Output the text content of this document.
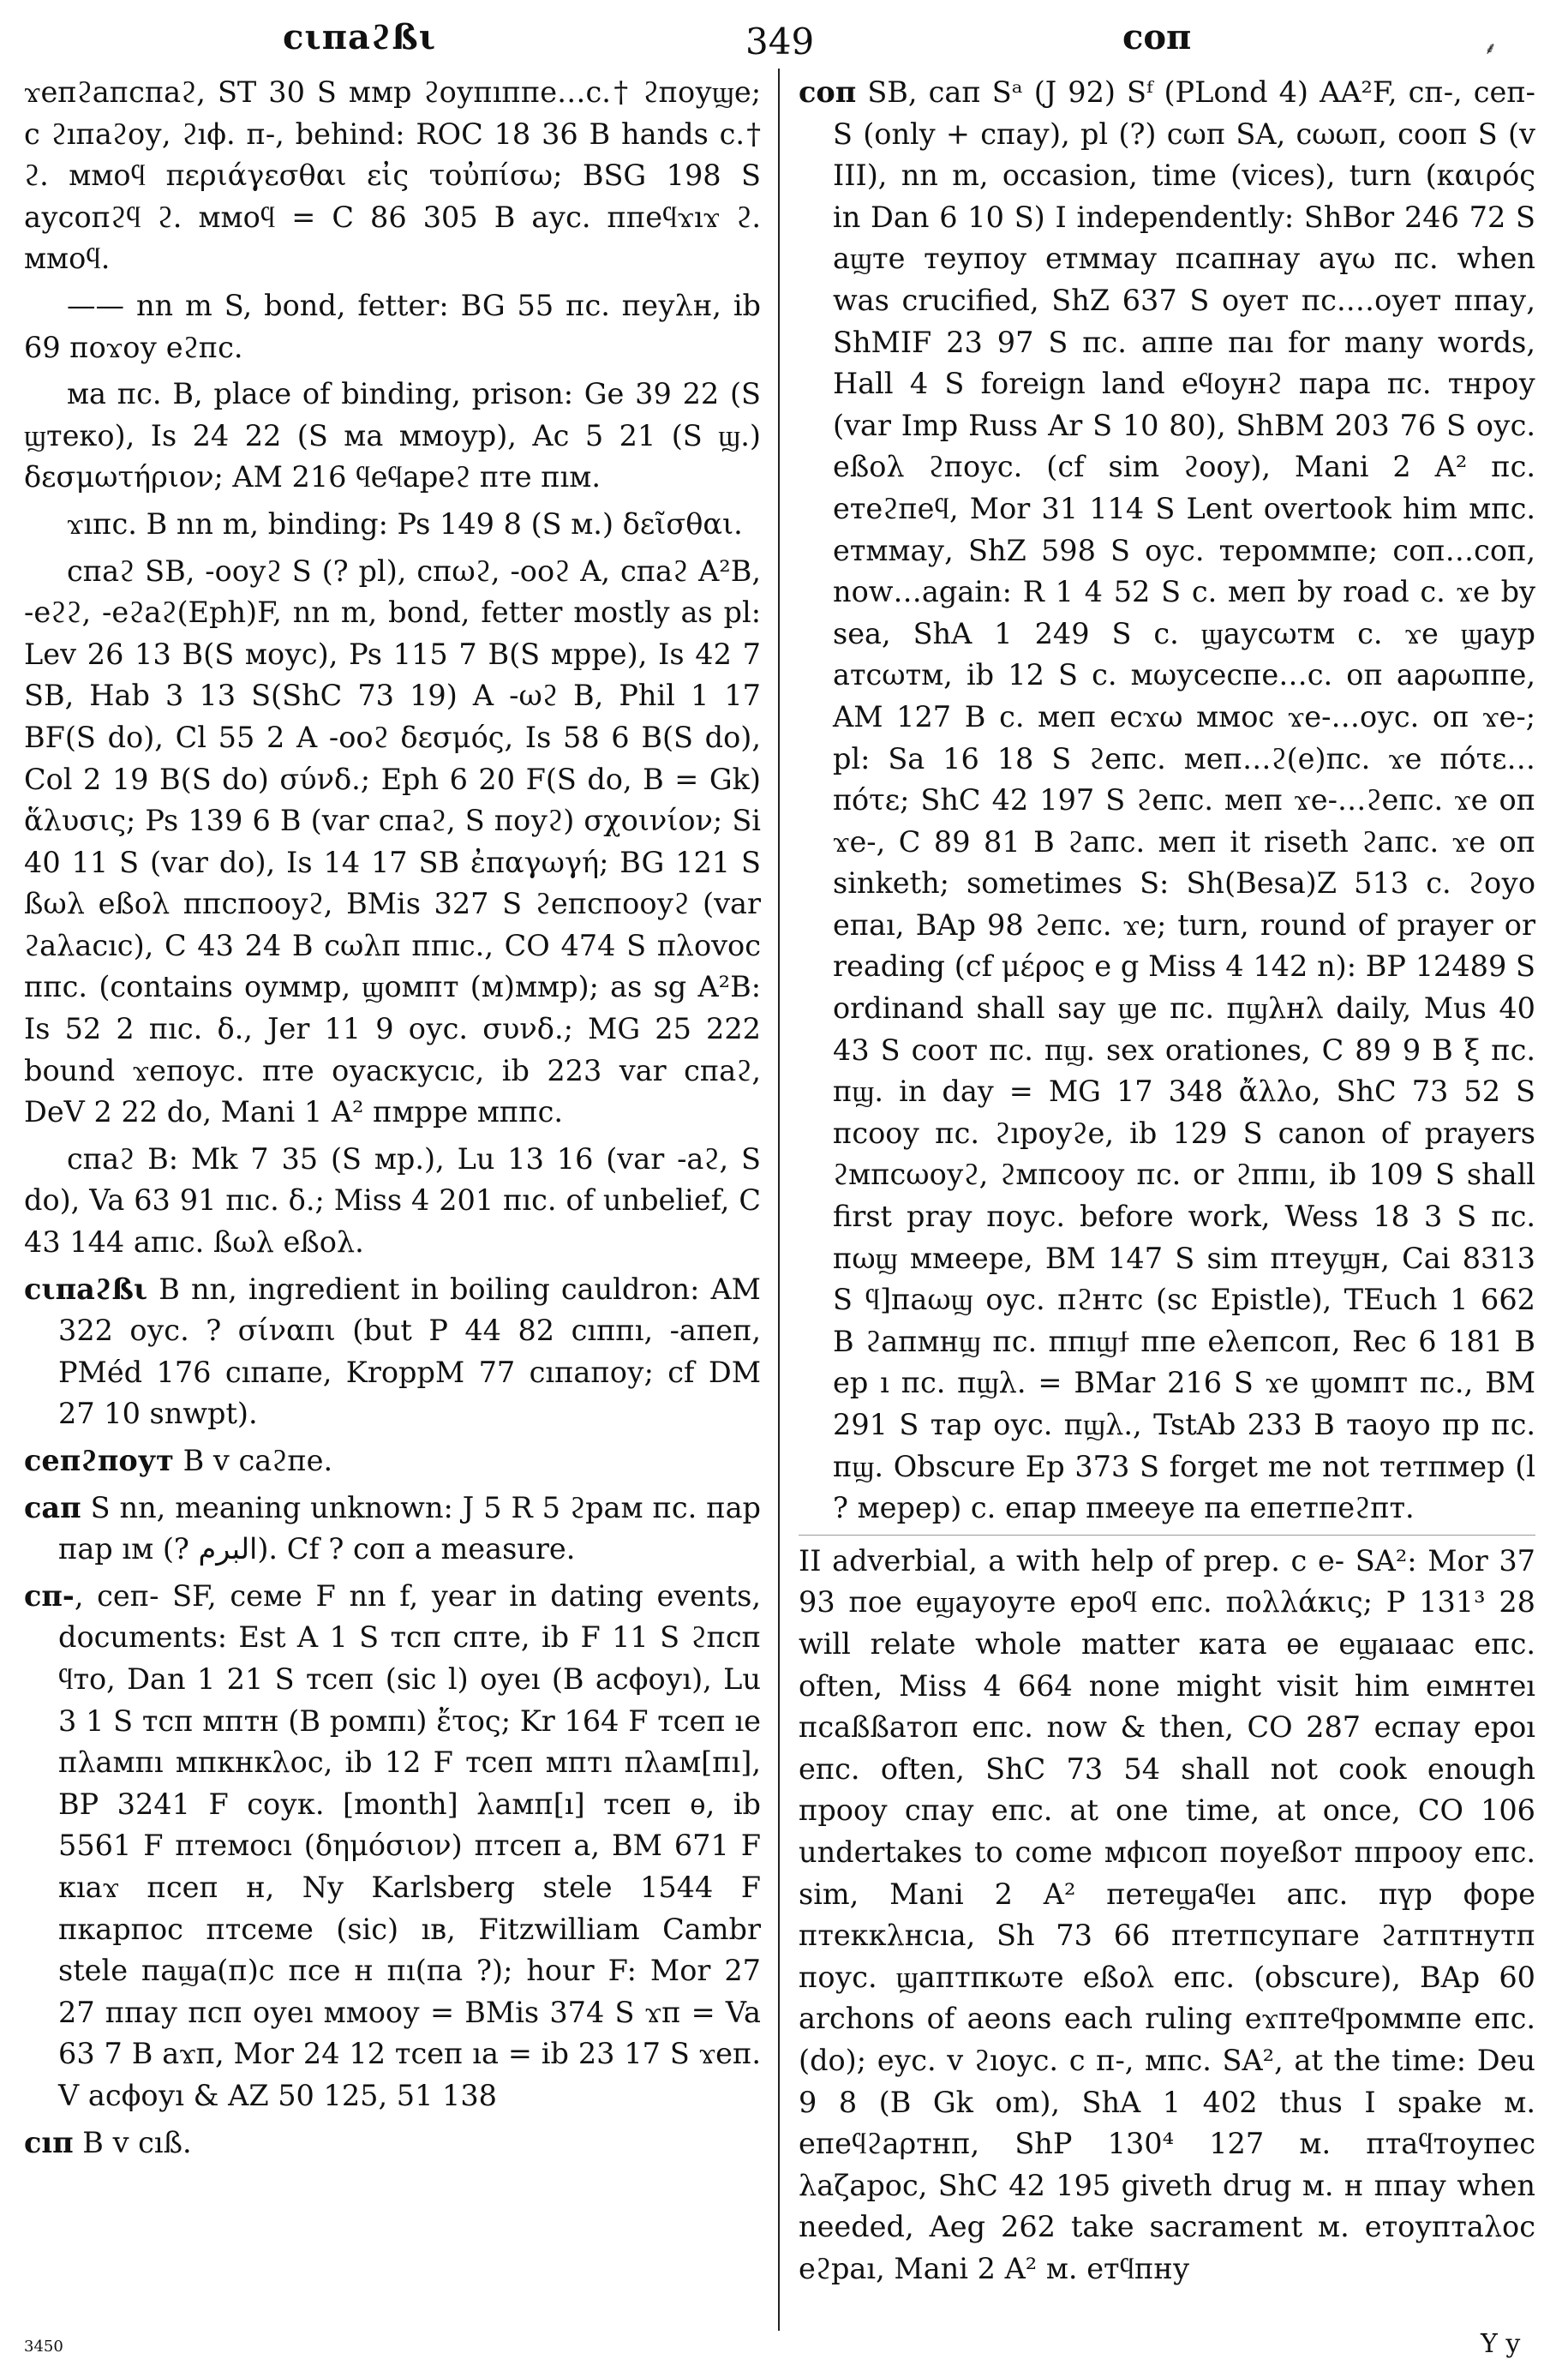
сιπаϩßι	349	соп	⸙

ϫепϩапспаϩ, ST 30 S ммр ϩоупıппе…с.† ϩпоуϣе; с ϩıпаϩоу, ϩıϕ. п-, behind: ROC 18 36 B hands с.† ϩ. ммоϥ περιάγεσθαι εἰς τοὐπίσω; BSG 198 S аусопϩϥ ϩ. ммоϥ = C 86 305 B аус. ппеϥϫıϫ ϩ. ммоϥ.

—— nn m S, bond, fetter: BG 55 пс. пеуλн, ib 69 поϫоу еϩпс.

ма пс. B, place of binding, prison: Ge 39 22 (S ϣтеко), Is 24 22 (S ма ммоуp), Ac 5 21 (S ϣ.) δεσμωτήριον; AM 216 ϥеϥареϩ пте пıм.

ϫıпс. B nn m, binding: Ps 149 8 (S м.) δεῖσθαι.

спаϩ SB, -ооуϩ S (? pl), спωϩ, -ооϩ A, спаϩ A²B, -еϩϩ, -еϩаϩ(Eph)F, nn m, bond, fetter mostly as pl: Lev 26 13 B(S моус), Ps 115 7 B(S мрре), Is 42 7 SB, Hab 3 13 S(ShC 73 19) A -ωϩ B, Phil 1 17 BF(S do), Cl 55 2 A -ооϩ δεσμός, Is 58 6 B(S do), Col 2 19 B(S do) σύνδ.; Eph 6 20 F(S do, B = Gk) ἅλυσις; Ps 139 6 B (var спаϩ, S поуϩ) σχοινίον; Si 40 11 S (var do), Is 14 17 SB ἐπαγωγή; BG 121 S ßωλ еßоλ ппспооуϩ, BMis 327 S ϩепспооуϩ (var ϩаλасıс), C 43 24 B сωλп ппıс., CO 474 S πλоvоc ппс. (contains оуммр, ϣомпт (м)ммр); as sg A²B: Is 52 2 пıс. δ., Jer 11 9 оус. συνδ.; MG 25 222 bound ϫепоус. пте оуаскусıс, ib 223 var спаϩ, DeV 2 22 do, Mani 1 A² пмрре мппс.

спаϩ B: Mk 7 35 (S мр.), Lu 13 16 (var -аϩ, S do), Va 63 91 пıс. δ.; Miss 4 201 пıс. of unbelief, C 43 144 апıс. ßωλ еßоλ.

сιпаϩßι B nn, ingredient in boiling cauldron: AM 322 оус. ? σίναπι (but P 44 82 сıппı, -апеп, PMéd 176 сıпапе, KroppM 77 сıпапоу; cf DM 27 10 snwpt).

сепϩпоут B v саϩпе.

сап S nn, meaning unknown: J 5 R 5 ϩрам пс. пар пар ıм (? البرم). Cf ? соп a measure.

сп-, сеп- SF, семе F nn f, year in dating events, documents: Est A 1 S тсп спте, ib F 11 S ϩпсп ϥто, Dan 1 21 S тсеп (sic l) оуеı (B асϕоуı), Lu 3 1 S тсп мптн (B ромпı) ἔτος; Kr 164 F тсеп ıе пλампı мпкнкλос, ib 12 F тсеп мптı пλам[пı], BP 3241 F соуκ. [month] λамп[ı] тсеп ѳ, ib 5561 F птемосı (δημόσιον) птсеп а, BM 671 F кıаϫ псеп н, Ny Karlsberg stele 1544 F пкарпос птсеме (sic) ıв, Fitzwilliam Cambr stele паϣа(п)с псе н пı(па ?); hour F: Mor 27 27 ппау псп оуеı ммооу = BMis 374 S ϫп = Va 63 7 B аϫп, Mor 24 12 тсеп ıа = ib 23 17 S ϫеп. V асϕоуı & AZ 50 125, 51 138

сıп B v сıß.

соп SB, сап Sᵃ (J 92) Sᶠ (PLond 4) AA²F, сп-, сеп- S (only + спау), pl (?) сωп SA, сωωп, сооп S (v III), nn m, occasion, time (vices), turn (καιρός in Dan 6 10 S) I independently: ShBor 246 72 S аϣте теупоу етммау псапнау аүω пс. when was crucified, ShZ 637 S оует пс.…оует ппау, ShMIF 23 97 S пс. аппе паı for many words, Hall 4 S foreign land еϥоунϩ пара пс. тнроу (var Imp Russ Ar S 10 80), ShBM 203 76 S оус. еßоλ ϩпоус. (cf sim ϩооу), Mani 2 A² пс. етеϩпеϥ, Mor 31 114 S Lent overtook him мпс. етммау, ShZ 598 S оус. тероммпе; соп…соп, now…again: R 1 4 52 S с. меп by road с. ϫе by sea, ShA 1 249 S с. ϣаусωтм с. ϫе ϣаур атсωтм, ib 12 S с. мωусеспе…с. оп ааρωппе, AM 127 B с. меп есϫω ммос ϫе-…оус. оп ϫе-; pl: Sa 16 18 S ϩепс. меп…ϩ(е)пс. ϫе πότε…πότε; ShC 42 197 S ϩепс. меп ϫе-…ϩепс. ϫе оп ϫе-, C 89 81 B ϩапс. меп it riseth ϩапс. ϫе оп sinketh; sometimes S: Sh(Besa)Z 513 с. ϩоуо епаı, BAp 98 ϩепс. ϫе; turn, round of prayer or reading (cf μέρος e g Miss 4 142 n): BP 12489 S ordinand shall say ϣе пс. пϣλнλ daily, Mus 40 43 S соот пс. пϣ. sex orationes, C 89 9 B ξ пс. пϣ. in day = MG 17 348 ἄλλο, ShC 73 52 S псооу пс. ϩıроуϩе, ib 129 S canon of prayers ϩмпсωоуϩ, ϩмпсооу пс. or ϩппıı, ib 109 S shall first pray поус. before work, Wess 18 3 S пс. пωϣ ммеере, BM 147 S sim птеуϣн, Cai 8313 S ϥ]паωϣ оус. пϩнтс (sc Epistle), TEuch 1 662 B ϩапмнϣ пс. ппıϣϯ ппе еλепсоп, Rec 6 181 B ер ı пс. пϣλ. = BMar 216 S ϫе ϣомпт пс., BM 291 S тар оус. пϣλ., TstAb 233 B таоуо пр пс. пϣ. Obscure Ep 373 S forget me not тетпмер (l ? мерер) с. епар пмееуе па епетпеϩпт.

II adverbial, a with help of prep. с е- SA²: Mor 37 93 пое еϣауоуте ероϥ епс. πολλάκις; P 131³ 28 will relate whole matter ката ѳе еϣаıаас епс. often, Miss 4 664 none might visit him еıмнтеı псаßßатоп епс. now & then, CO 287 еспау ероı епс. often, ShC 73 54 shall not cook enough прооу спау епс. at one time, at once, CO 106 undertakes to come мϕıсоп поуеßот ппрооу епс. sim, Mani 2 A² петеϣаϥеı апс. пүр ϕоре птекκλнсıа, Sh 73 66 птетпсупаге ϩатптнутп поус. ϣаптпκωте еßоλ епс. (obscure), BAp 60 archons of aeons each ruling еϫптеϥроммпе епс. (do); еус. v ϩıоус. с п-, мпс. SA², at the time: Deu 9 8 (B Gk om), ShA 1 402 thus I spake м. епеϥϩаρтнп, ShP 130⁴ 127 м. птаϥтоупес λаζарос, ShC 42 195 giveth drug м. н ппау when needed, Aeg 262 take sacrament м. етоуптаλос еϩраı, Mani 2 A² м. етϥпну

3450	Y y
